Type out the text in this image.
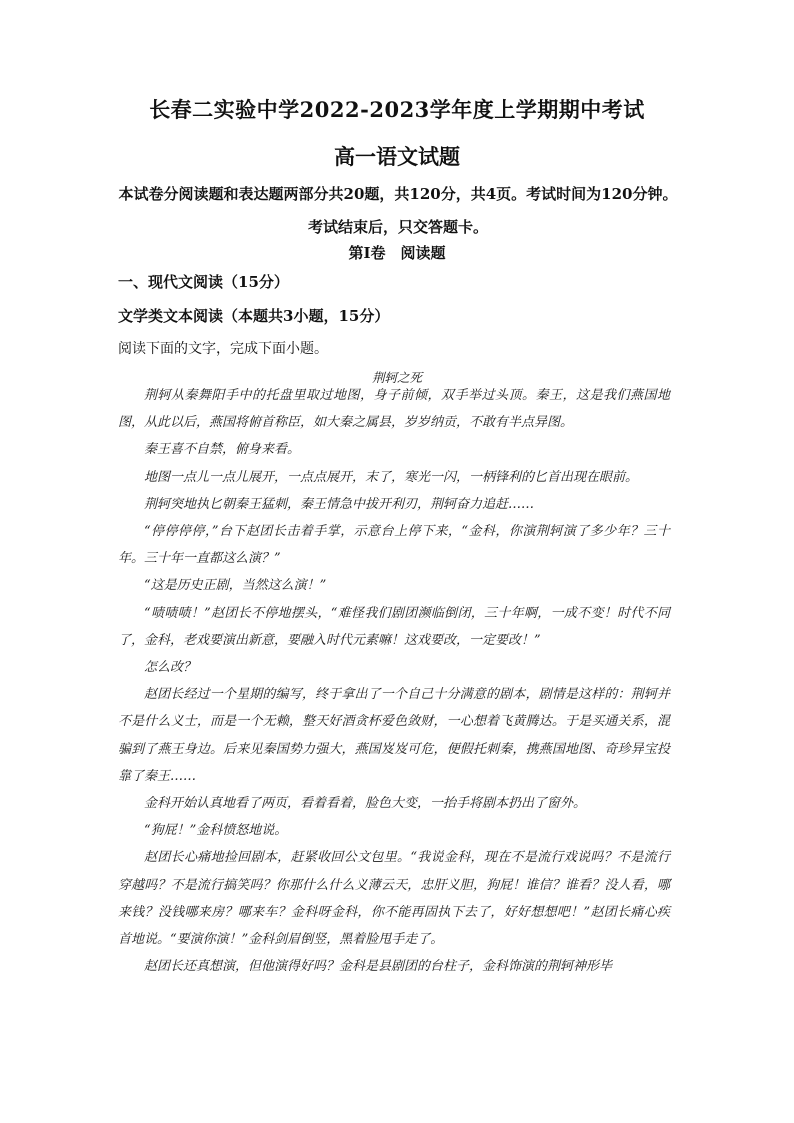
长春二实验中学2022-2023学年度上学期期中考试
高一语文试题
本试卷分阅读题和表达题两部分共20题，共120分，共4页。考试时间为120分钟。考试结束后，只交答题卡。
第Ⅰ卷　阅读题
一、现代文阅读（15分）
文学类文本阅读（本题共3小题，15分）
阅读下面的文字，完成下面小题。
荆轲之死

荆轲从秦舞阳手中的托盘里取过地图，身子前倾，双手举过头顶。秦王，这是我们燕国地图，从此以后，燕国将俯首称臣，如大秦之属县，岁岁纳贡，不敢有半点异图。

秦王喜不自禁，俯身来看。

地图一点儿一点儿展开，一点点展开，末了，寒光一闪，一柄锋利的匕首出现在眼前。

荆轲突地执匕朝秦王猛刺，秦王情急中拔开利刃，荆轲奋力追赶……

“停停停停，”台下赵团长击着手掌，示意台上停下来，“金科，你演荆轲演了多少年？三十年。三十年一直都这么演？”

“这是历史正剧，当然这么演！”

“啧啧啧！”赵团长不停地摆头，“难怪我们剧团濒临倒闭，三十年啊，一成不变！时代不同了，金科，老戏要演出新意，要融入时代元素嘛！这戏要改，一定要改！”

怎么改？

赵团长经过一个星期的编写，终于拿出了一个自己十分满意的剧本，剧情是这样的：荆轲并不是什么义士，而是一个无赖，整天好酒贪杯爱色敛财，一心想着飞黄腾达。于是买通关系，混骗到了燕王身边。后来见秦国势力强大，燕国岌岌可危，便假托刺秦，携燕国地图、奇珍异宝投靠了秦王……

金科开始认真地看了两页，看着看着，脸色大变，一抬手将剧本扔出了窗外。

“狗屁！”金科愤怒地说。

赵团长心痛地捡回剧本，赶紧收回公文包里。“我说金科，现在不是流行戏说吗？不是流行穿越吗？不是流行搞笑吗？你那什么什么义薄云天，忠肝义胆，狗屁！谁信？谁看？没人看，哪来钱？没钱哪来房？哪来车？金科呀金科，你不能再固执下去了，好好想想吧！”赵团长痛心疾首地说。“要演你演！”金科剑眉倒竖，黑着脸甩手走了。

赵团长还真想演，但他演得好吗？金科是县剧团的台柱子，金科饰演的荆轲神形毕
